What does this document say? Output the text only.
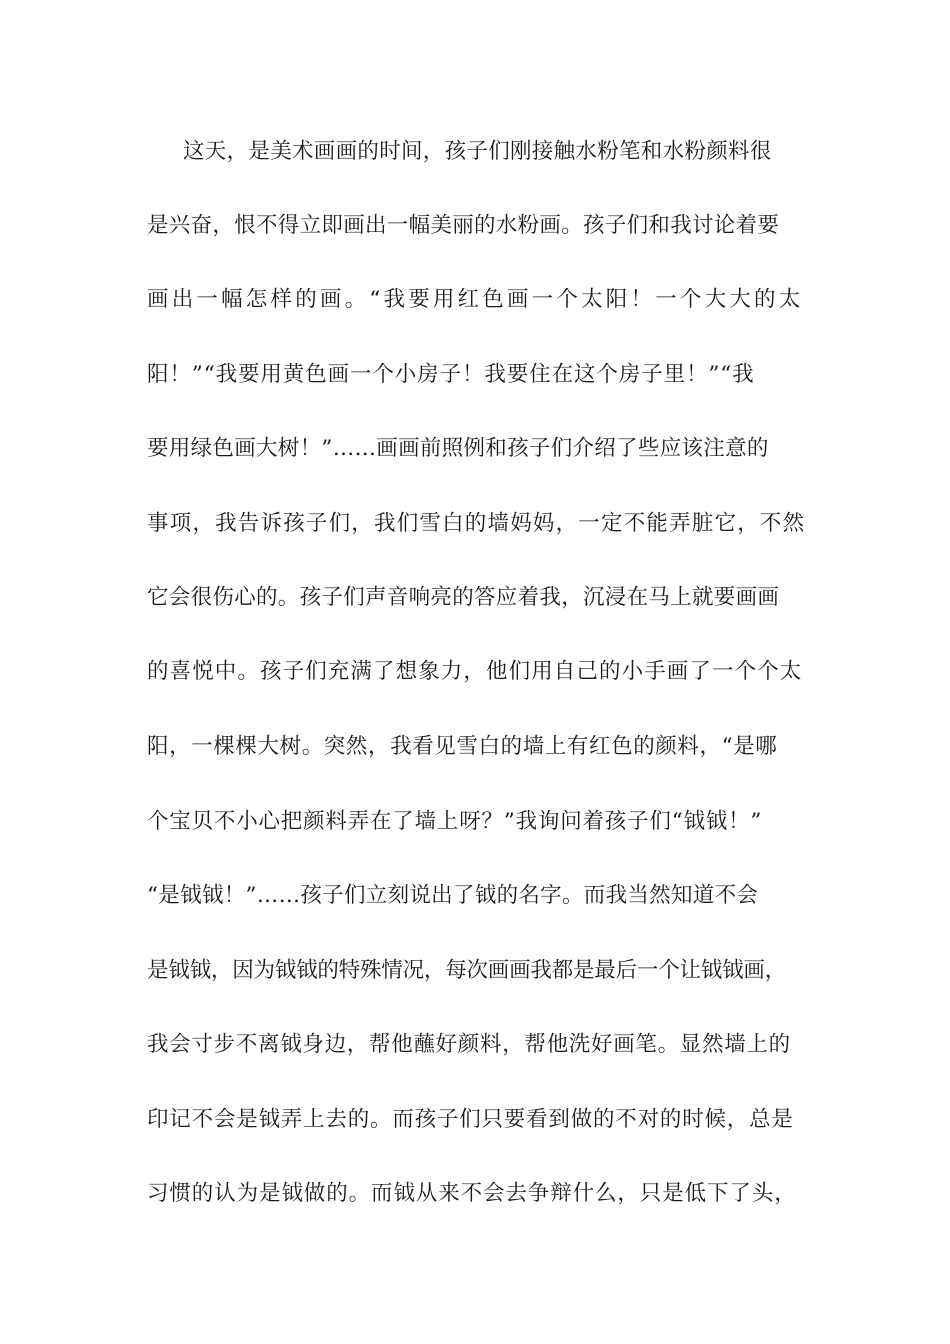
这天，是美术画画的时间，孩子们刚接触水粉笔和水粉颜料很
是兴奋，恨不得立即画出一幅美丽的水粉画。孩子们和我讨论着要
画出一幅怎样的画。“我要用红色画一个太阳！一个大大的太
阳！”“我要用黄色画一个小房子！我要住在这个房子里！”“我
要用绿色画大树！”……画画前照例和孩子们介绍了些应该注意的
事项，我告诉孩子们，我们雪白的墙妈妈，一定不能弄脏它，不然
它会很伤心的。孩子们声音响亮的答应着我，沉浸在马上就要画画
的喜悦中。孩子们充满了想象力，他们用自己的小手画了一个个太
阳，一棵棵大树。突然，我看见雪白的墙上有红色的颜料，“是哪
个宝贝不小心把颜料弄在了墙上呀？”我询问着孩子们“钺钺！”
“是钺钺！”……孩子们立刻说出了钺的名字。而我当然知道不会
是钺钺，因为钺钺的特殊情况，每次画画我都是最后一个让钺钺画，
我会寸步不离钺身边，帮他蘸好颜料，帮他洗好画笔。显然墙上的
印记不会是钺弄上去的。而孩子们只要看到做的不对的时候，总是
习惯的认为是钺做的。而钺从来不会去争辩什么，只是低下了头，
